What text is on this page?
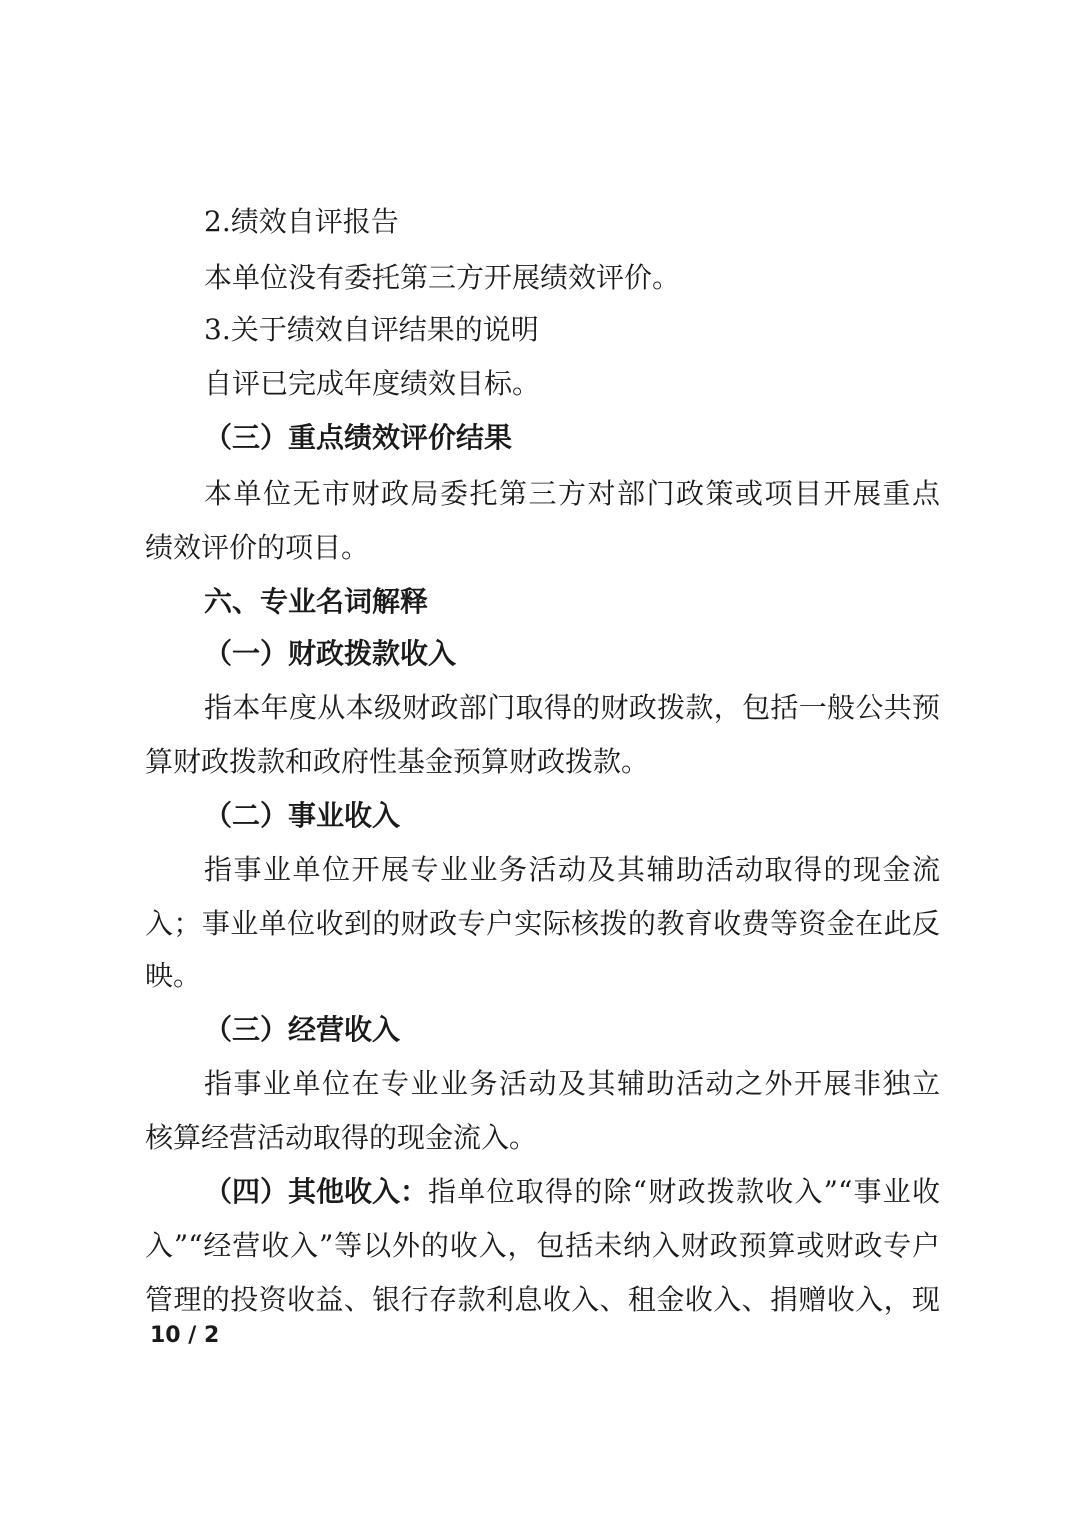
2.绩效自评报告
本单位没有委托第三方开展绩效评价。
3.关于绩效自评结果的说明
自评已完成年度绩效目标。
（三）重点绩效评价结果
本单位无市财政局委托第三方对部门政策或项目开展重点
绩效评价的项目。
六、专业名词解释
（一）财政拨款收入
指本年度从本级财政部门取得的财政拨款，包括一般公共预
算财政拨款和政府性基金预算财政拨款。
（二）事业收入
指事业单位开展专业业务活动及其辅助活动取得的现金流
入；事业单位收到的财政专户实际核拨的教育收费等资金在此反
映。
（三）经营收入
指事业单位在专业业务活动及其辅助活动之外开展非独立
核算经营活动取得的现金流入。
（四）其他收入： 指单位取得的除“财政拨款收入”“事业收
入”“经营收入”等以外的收入，包括未纳入财政预算或财政专户
管理的投资收益、银行存款利息收入、租金收入、捐赠收入，现
10 / 2
